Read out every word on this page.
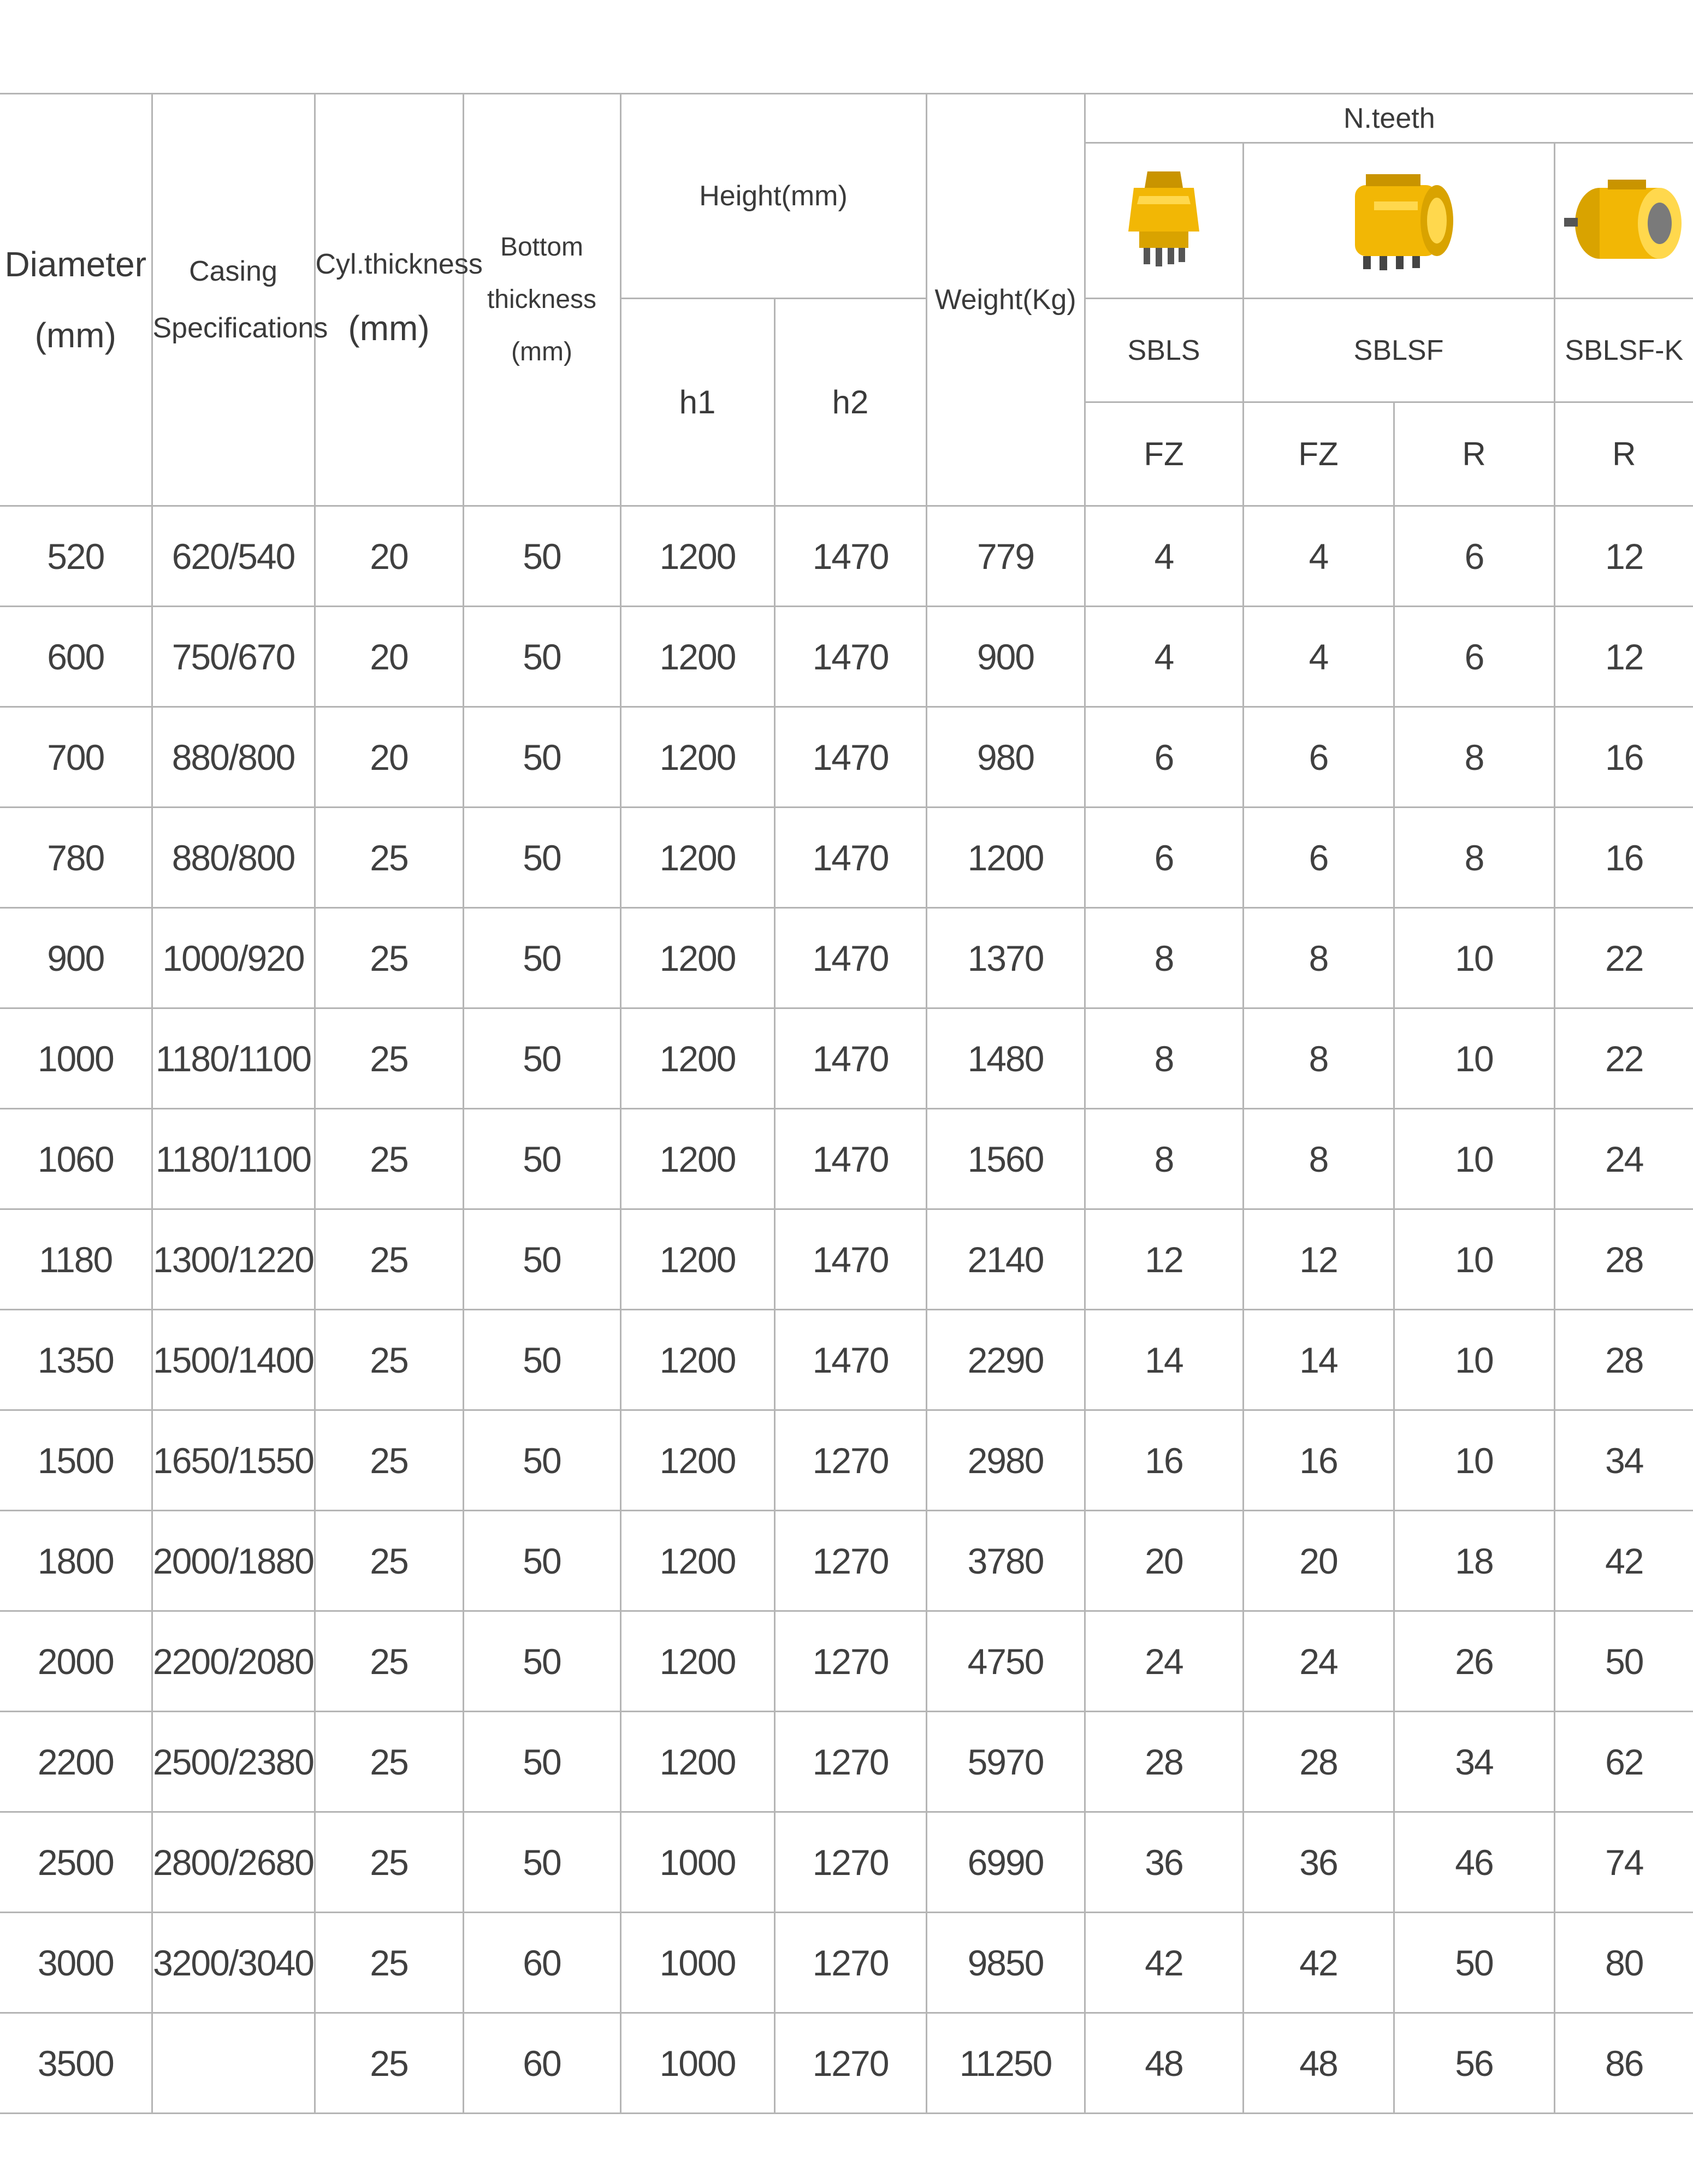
Diameter
(mm)	Casing
Specifications	Cyl.thickness
(mm)	Bottom
thickness
(mm)	Height(mm)		Weight(Kg)	N.teeth			

				h1	h2		SBLS	SBLSF		SBLSF-K
							FZ	FZ	R	R
520	620/540	20	50	1200	1470	779	4	4	6	12
600	750/670	20	50	1200	1470	900	4	4	6	12
700	880/800	20	50	1200	1470	980	6	6	8	16
780	880/800	25	50	1200	1470	1200	6	6	8	16
900	1000/920	25	50	1200	1470	1370	8	8	10	22
1000	1180/1100	25	50	1200	1470	1480	8	8	10	22
1060	1180/1100	25	50	1200	1470	1560	8	8	10	24
1180	1300/1220	25	50	1200	1470	2140	12	12	10	28
1350	1500/1400	25	50	1200	1470	2290	14	14	10	28
1500	1650/1550	25	50	1200	1270	2980	16	16	10	34
1800	2000/1880	25	50	1200	1270	3780	20	20	18	42
2000	2200/2080	25	50	1200	1270	4750	24	24	26	50
2200	2500/2380	25	50	1200	1270	5970	28	28	34	62
2500	2800/2680	25	50	1000	1270	6990	36	36	46	74
3000	3200/3040	25	60	1000	1270	9850	42	42	50	80
3500		25	60	1000	1270	11250	48	48	56	86
